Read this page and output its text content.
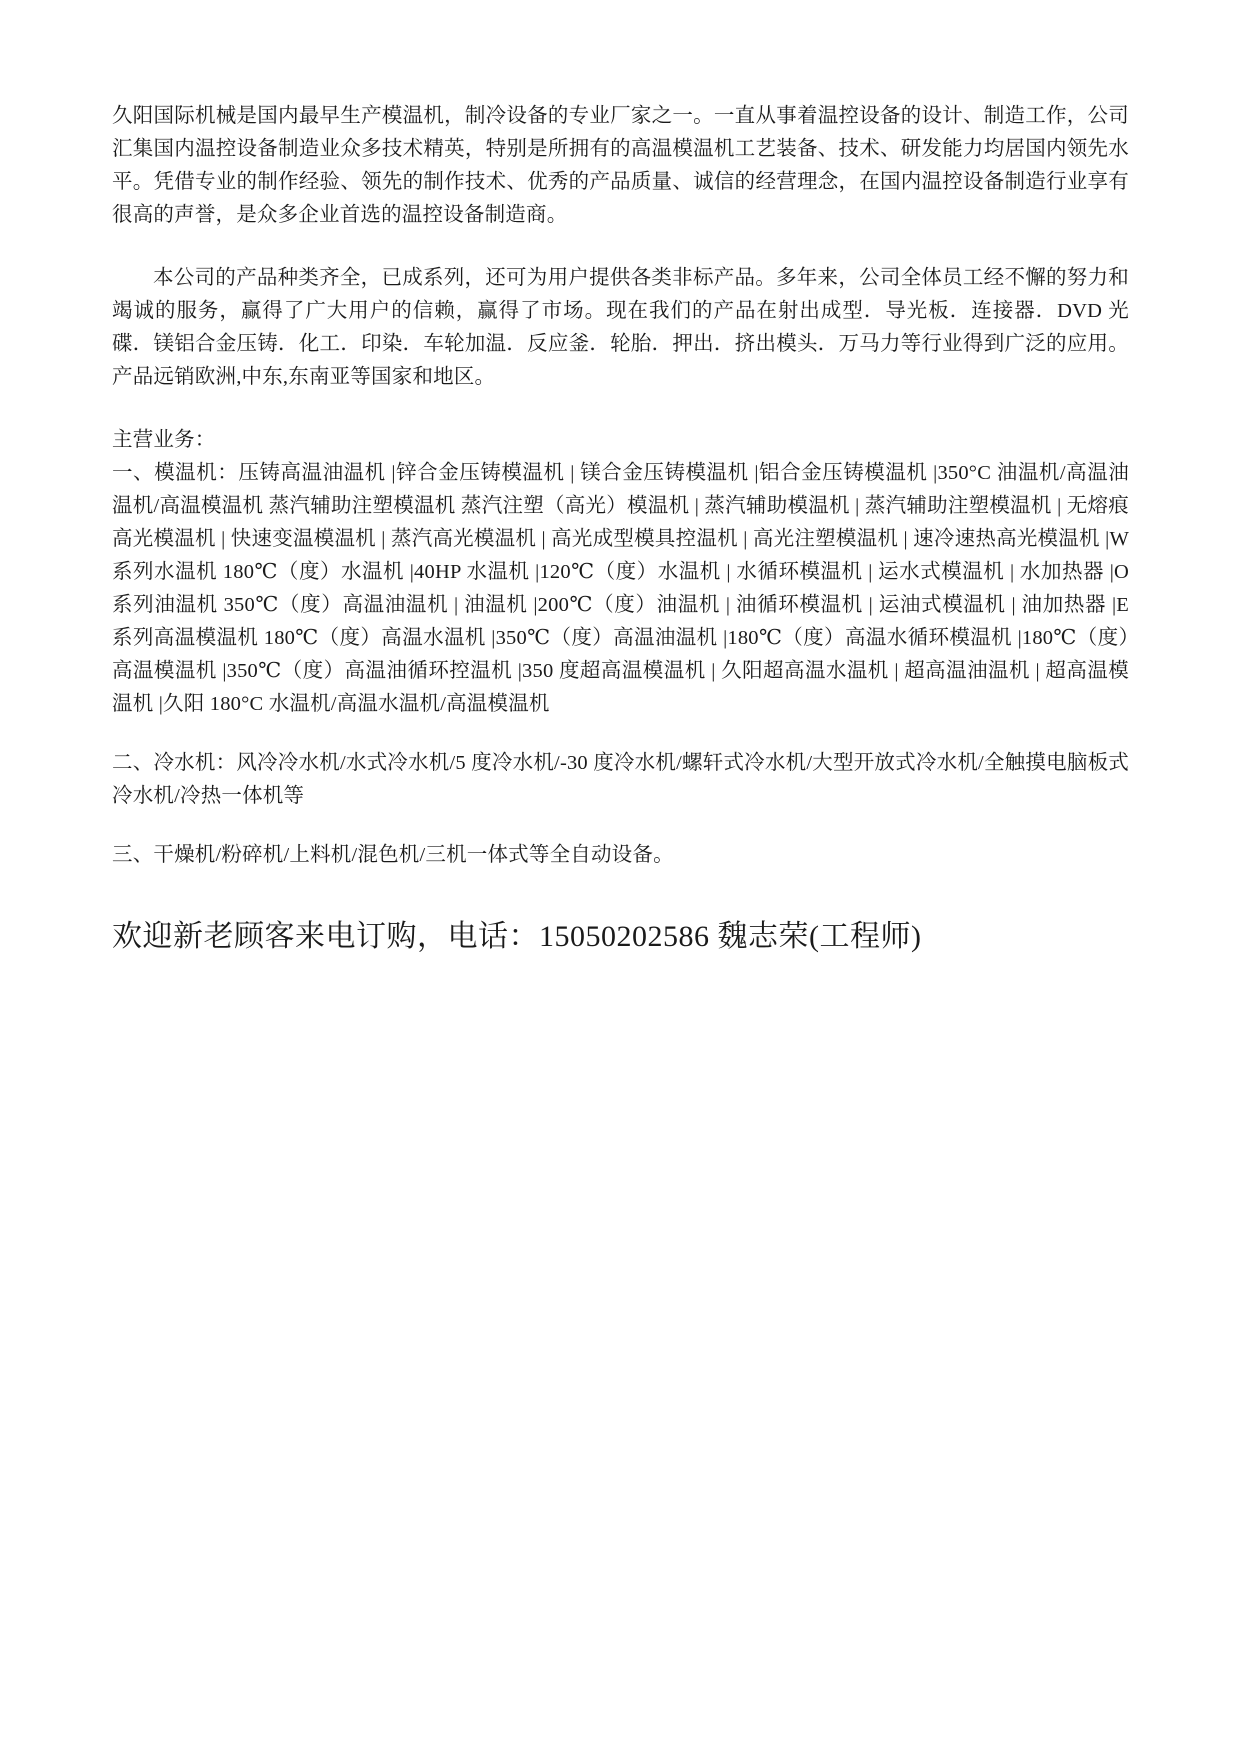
久阳国际机械是国内最早生产模温机，制冷设备的专业厂家之一。一直从事着温控设备的设计、制造工作，公司汇集国内温控设备制造业众多技术精英，特别是所拥有的高温模温机工艺装备、技术、研发能力均居国内领先水平。凭借专业的制作经验、领先的制作技术、优秀的产品质量、诚信的经营理念，在国内温控设备制造行业享有很高的声誉，是众多企业首选的温控设备制造商。

本公司的产品种类齐全，已成系列，还可为用户提供各类非标产品。多年来，公司全体员工经不懈的努力和竭诚的服务，赢得了广大用户的信赖，赢得了市场。现在我们的产品在射出成型．导光板．连接器．DVD 光碟．镁铝合金压铸．化工．印染．车轮加温．反应釜．轮胎．押出．挤出模头．万马力等行业得到广泛的应用。产品远销欧洲,中东,东南亚等国家和地区。

主营业务：

一、模温机：压铸高温油温机 |锌合金压铸模温机 | 镁合金压铸模温机 |铝合金压铸模温机 |350°C 油温机/高温油温机/高温模温机 蒸汽辅助注塑模温机 蒸汽注塑（高光）模温机 | 蒸汽辅助模温机 | 蒸汽辅助注塑模温机 | 无熔痕高光模温机 | 快速变温模温机 | 蒸汽高光模温机 | 高光成型模具控温机 | 高光注塑模温机 | 速冷速热高光模温机 |W 系列水温机 180℃（度）水温机 |40HP 水温机 |120℃（度）水温机 | 水循环模温机 | 运水式模温机 | 水加热器 |O 系列油温机 350℃（度）高温油温机 | 油温机 |200℃（度）油温机 | 油循环模温机 | 运油式模温机 | 油加热器 |E 系列高温模温机 180℃（度）高温水温机 |350℃（度）高温油温机 |180℃（度）高温水循环模温机 |180℃（度）高温模温机 |350℃（度）高温油循环控温机 |350 度超高温模温机 | 久阳超高温水温机 | 超高温油温机 | 超高温模温机 |久阳 180°C 水温机/高温水温机/高温模温机

二、冷水机：风冷冷水机/水式冷水机/5 度冷水机/-30 度冷水机/螺轩式冷水机/大型开放式冷水机/全触摸电脑板式冷水机/冷热一体机等

三、干燥机/粉碎机/上料机/混色机/三机一体式等全自动设备。

欢迎新老顾客来电订购，电话：15050202586 魏志荣(工程师)
